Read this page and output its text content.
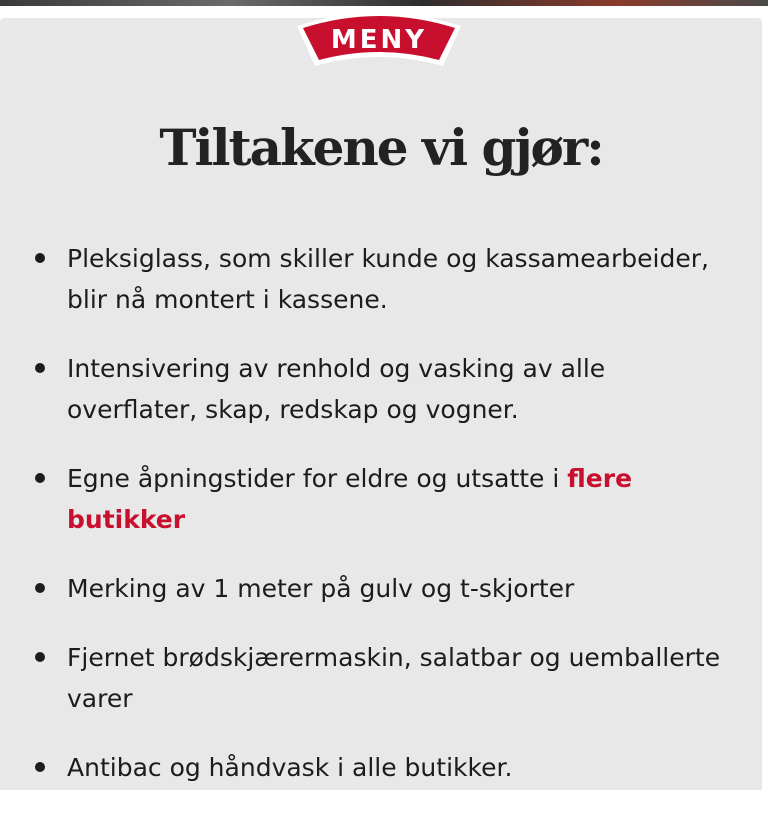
Tiltakene vi gjør:
Pleksiglass, som skiller kunde og kassamearbeider, blir nå montert i kassene.
Intensivering av renhold og vasking av alle overflater, skap, redskap og vogner.
Egne åpningstider for eldre og utsatte i flere butikker
Merking av 1 meter på gulv og t-skjorter
Fjernet brødskjærermaskin, salatbar og uemballerte varer
Antibac og håndvask i alle butikker.
MENY
